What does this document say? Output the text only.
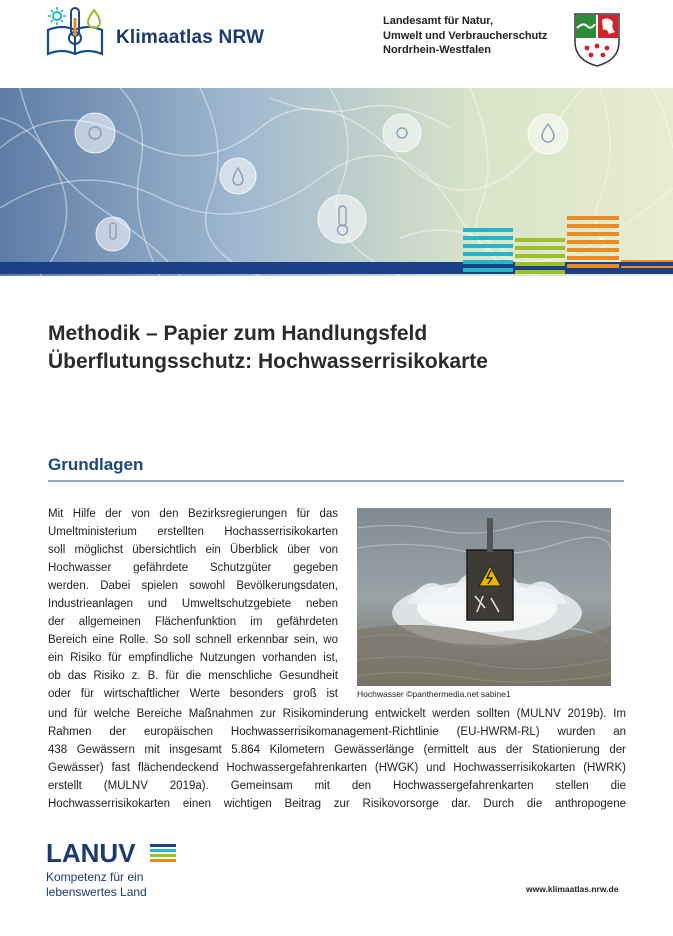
Klimaatlas NRW
Landesamt für Natur,
Umwelt und Verbraucherschutz
Nordrhein-Westfalen
Methodik – Papier zum Handlungsfeld
Überflutungsschutz: Hochwasserrisikokarte
Grundlagen
Hochwasser ©panthermedia.net sabine1
Mit Hilfe der von den Bezirksregierungen für das
Umeltministerium erstellten Hochasserrisikokarten
soll möglichst übersichtlich ein Überblick über von
Hochwasser gefährdete Schutzgüter gegeben
werden. Dabei spielen sowohl Bevölkerungsdaten,
Industrieanlagen und Umweltschutzgebiete neben
der allgemeinen Flächenfunktion im gefährdeten
Bereich eine Rolle. So soll schnell erkennbar sein, wo
ein Risiko für empfindliche Nutzungen vorhanden ist,
ob das Risiko z. B. für die menschliche Gesundheit
oder für wirtschaftlicher Werte besonders groß ist
und für welche Bereiche Maßnahmen zur Risikominderung entwickelt werden sollten (MULNV 2019b). Im
Rahmen der europäischen Hochwasserrisikomanagement-Richtlinie (EU-HWRM-RL) wurden an
438 Gewässern mit insgesamt 5.864 Kilometern Gewässerlänge (ermittelt aus der Stationierung der
Gewässer) fast flächendeckend Hochwassergefahrenkarten (HWGK) und Hochwasserrisikokarten (HWRK)
erstellt (MULNV 2019a). Gemeinsam mit den Hochwassergefahrenkarten stellen die
Hochwasserrisikokarten einen wichtigen Beitrag zur Risikovorsorge dar. Durch die anthropogene
LANUV
Kompetenz für ein
lebenswertes Land	www.klimaatlas.nrw.de
